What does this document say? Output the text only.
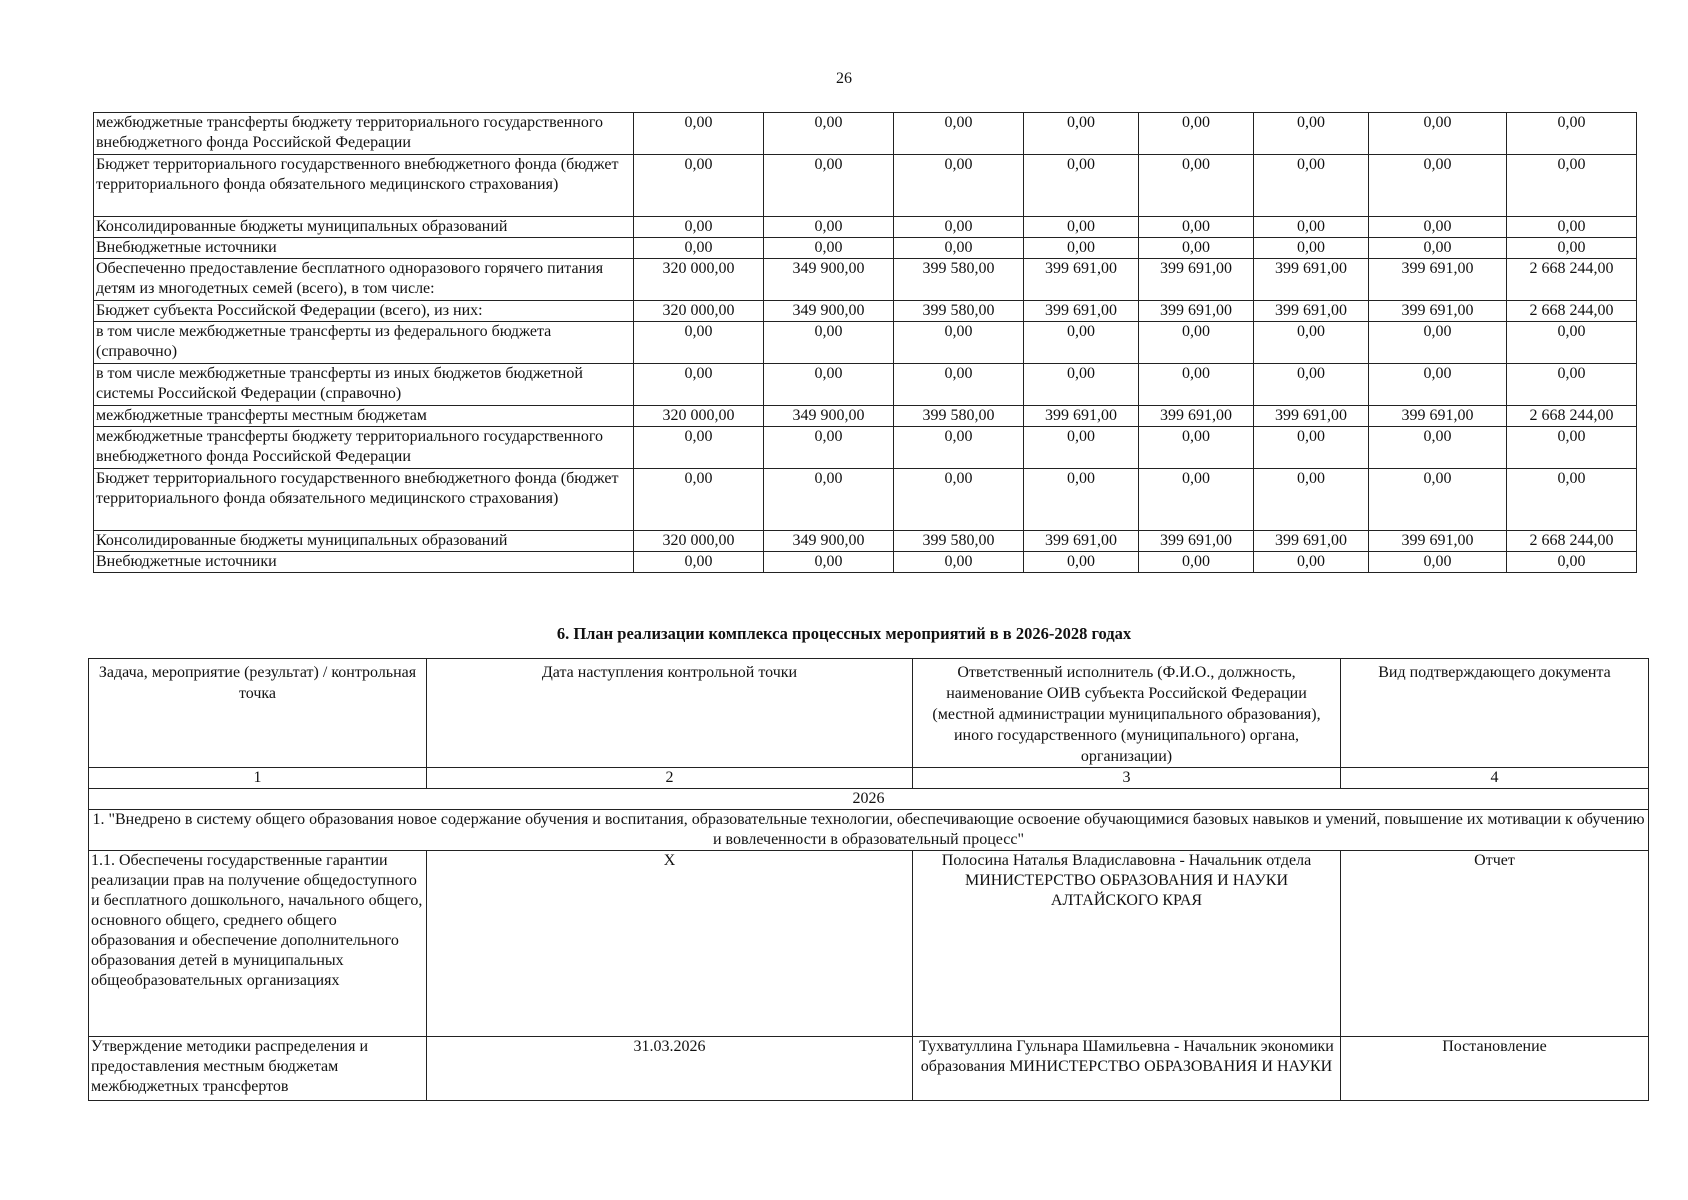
26
межбюджетные трансферты бюджету территориального государственного внебюджетного фонда Российской Федерации	0,00	0,00	0,00	0,00	0,00	0,00	0,00	0,00
Бюджет территориального государственного внебюджетного фонда (бюджет территориального фонда обязательного медицинского страхования)	0,00	0,00	0,00	0,00	0,00	0,00	0,00	0,00
Консолидированные бюджеты муниципальных образований	0,00	0,00	0,00	0,00	0,00	0,00	0,00	0,00
Внебюджетные источники	0,00	0,00	0,00	0,00	0,00	0,00	0,00	0,00
Обеспеченно предоставление бесплатного одноразового горячего питания детям из многодетных семей (всего), в том числе:	320 000,00	349 900,00	399 580,00	399 691,00	399 691,00	399 691,00	399 691,00	2 668 244,00
Бюджет субъекта Российской Федерации (всего), из них:	320 000,00	349 900,00	399 580,00	399 691,00	399 691,00	399 691,00	399 691,00	2 668 244,00
в том числе межбюджетные трансферты из федерального бюджета (справочно)	0,00	0,00	0,00	0,00	0,00	0,00	0,00	0,00
в том числе межбюджетные трансферты из иных бюджетов бюджетной системы Российской Федерации (справочно)	0,00	0,00	0,00	0,00	0,00	0,00	0,00	0,00
межбюджетные трансферты местным бюджетам	320 000,00	349 900,00	399 580,00	399 691,00	399 691,00	399 691,00	399 691,00	2 668 244,00
межбюджетные трансферты бюджету территориального государственного внебюджетного фонда Российской Федерации	0,00	0,00	0,00	0,00	0,00	0,00	0,00	0,00
Бюджет территориального государственного внебюджетного фонда (бюджет территориального фонда обязательного медицинского страхования)	0,00	0,00	0,00	0,00	0,00	0,00	0,00	0,00
Консолидированные бюджеты муниципальных образований	320 000,00	349 900,00	399 580,00	399 691,00	399 691,00	399 691,00	399 691,00	2 668 244,00
Внебюджетные источники	0,00	0,00	0,00	0,00	0,00	0,00	0,00	0,00
6. План реализации комплекса процессных мероприятий в в 2026-2028 годах
Задача, мероприятие (результат) / контрольная точка	Дата наступления контрольной точки	Ответственный исполнитель (Ф.И.О., должность, наименование ОИВ субъекта Российской Федерации (местной администрации муниципального образования), иного государственного (муниципального) органа, организации)	Вид подтверждающего документа
1	2	3	4
2026			
1. "Внедрено в систему общего образования новое содержание обучения и воспитания, образовательные технологии, обеспечивающие освоение обучающимися базовых навыков и умений, повышение их мотивации к обучению и вовлеченности в образовательный процесс"			
1.1. Обеспечены государственные гарантии реализации прав на получение общедоступного и бесплатного дошкольного, начального общего, основного общего, среднего общего образования и обеспечение дополнительного образования детей в муниципальных общеобразовательных организациях	X	Полосина Наталья Владиславовна - Начальник отдела МИНИСТЕРСТВО ОБРАЗОВАНИЯ И НАУКИ АЛТАЙСКОГО КРАЯ	Отчет
Утверждение методики распределения и предоставления местным бюджетам межбюджетных трансфертов	31.03.2026	Тухватуллина Гульнара Шамильевна - Начальник экономики образования МИНИСТЕРСТВО ОБРАЗОВАНИЯ И НАУКИ	Постановление
